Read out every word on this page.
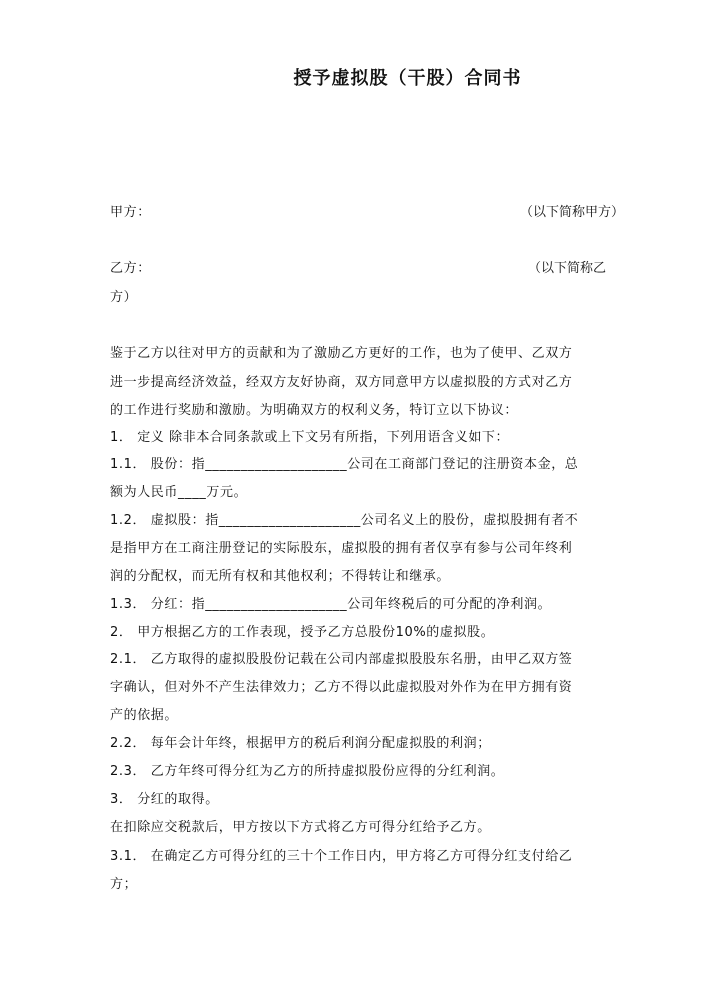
授予虚拟股（干股）合同书
甲方：	（以下简称甲方）
乙方：	（以下简称乙
方）
鉴于乙方以往对甲方的贡献和为了激励乙方更好的工作，也为了使甲、乙双方
进一步提高经济效益，经双方友好协商，双方同意甲方以虚拟股的方式对乙方
的工作进行奖励和激励。为明确双方的权利义务，特订立以下协议：
1． 定义 除非本合同条款或上下文另有所指，下列用语含义如下：
1.1． 股份：指____________________公司在工商部门登记的注册资本金，总
额为人民币____万元。
1.2． 虚拟股：指____________________公司名义上的股份，虚拟股拥有者不
是指甲方在工商注册登记的实际股东，虚拟股的拥有者仅享有参与公司年终利
润的分配权，而无所有权和其他权利；不得转让和继承。
1.3． 分红：指____________________公司年终税后的可分配的净利润。
2． 甲方根据乙方的工作表现，授予乙方总股份10%的虚拟股。
2.1． 乙方取得的虚拟股股份记载在公司内部虚拟股股东名册，由甲乙双方签
字确认，但对外不产生法律效力；乙方不得以此虚拟股对外作为在甲方拥有资
产的依据。
2.2． 每年会计年终，根据甲方的税后利润分配虚拟股的利润；
2.3． 乙方年终可得分红为乙方的所持虚拟股份应得的分红利润。
3． 分红的取得。
在扣除应交税款后，甲方按以下方式将乙方可得分红给予乙方。
3.1． 在确定乙方可得分红的三十个工作日内，甲方将乙方可得分红支付给乙
方；
